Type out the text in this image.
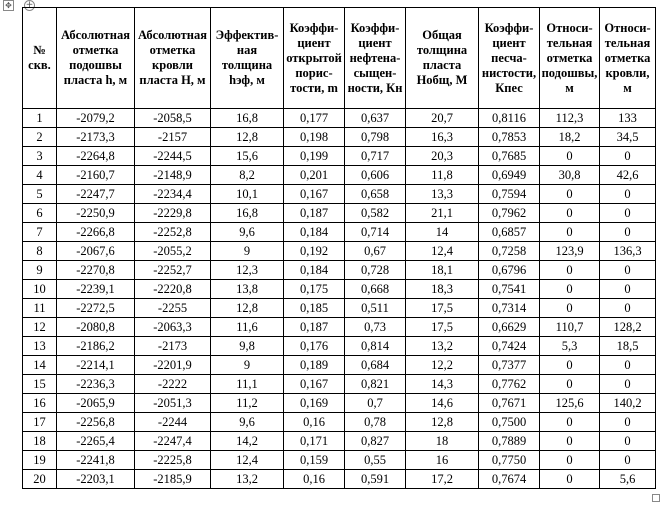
✥ +
№ скв.	Абсолютная отметка подошвы пласта h, м	Абсолютная отметка кровли пласта H, м	Эффектив-ная толщина hэф, м	Коэффи-циент открытой порис-тости, m	Коэффи-циент нефтена-сыщен-ности, Кн	Общая толщина пласта Нобщ, М	Коэффи-циент песча-нистости, Кпес	Относи-тельная отметка подошвы, м	Относи-тельная отметка кровли, м
1	-2079,2	-2058,5	16,8	0,177	0,637	20,7	0,8116	112,3	133
2	-2173,3	-2157	12,8	0,198	0,798	16,3	0,7853	18,2	34,5
3	-2264,8	-2244,5	15,6	0,199	0,717	20,3	0,7685	0	0
4	-2160,7	-2148,9	8,2	0,201	0,606	11,8	0,6949	30,8	42,6
5	-2247,7	-2234,4	10,1	0,167	0,658	13,3	0,7594	0	0
6	-2250,9	-2229,8	16,8	0,187	0,582	21,1	0,7962	0	0
7	-2266,8	-2252,8	9,6	0,184	0,714	14	0,6857	0	0
8	-2067,6	-2055,2	9	0,192	0,67	12,4	0,7258	123,9	136,3
9	-2270,8	-2252,7	12,3	0,184	0,728	18,1	0,6796	0	0
10	-2239,1	-2220,8	13,8	0,175	0,668	18,3	0,7541	0	0
11	-2272,5	-2255	12,8	0,185	0,511	17,5	0,7314	0	0
12	-2080,8	-2063,3	11,6	0,187	0,73	17,5	0,6629	110,7	128,2
13	-2186,2	-2173	9,8	0,176	0,814	13,2	0,7424	5,3	18,5
14	-2214,1	-2201,9	9	0,189	0,684	12,2	0,7377	0	0
15	-2236,3	-2222	11,1	0,167	0,821	14,3	0,7762	0	0
16	-2065,9	-2051,3	11,2	0,169	0,7	14,6	0,7671	125,6	140,2
17	-2256,8	-2244	9,6	0,16	0,78	12,8	0,7500	0	0
18	-2265,4	-2247,4	14,2	0,171	0,827	18	0,7889	0	0
19	-2241,8	-2225,8	12,4	0,159	0,55	16	0,7750	0	0
20	-2203,1	-2185,9	13,2	0,16	0,591	17,2	0,7674	0	5,6
